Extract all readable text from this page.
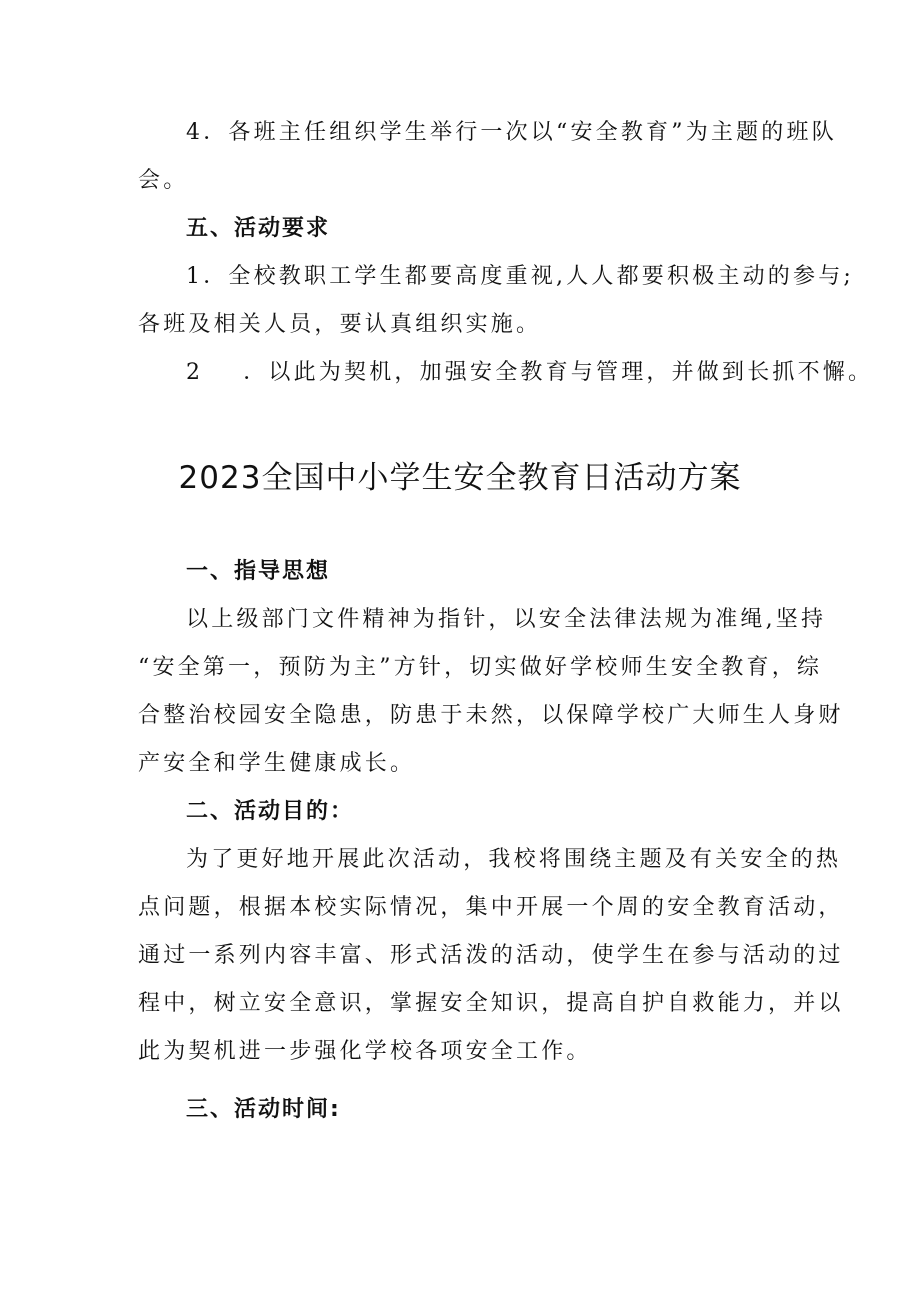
4．各班主任组织学生举行一次以“安全教育”为主题的班队
会。
五、活动要求
1．全校教职工学生都要高度重视,人人都要积极主动的参与;
各班及相关人员，要认真组织实施。
2 ．以此为契机，加强安全教育与管理，并做到长抓不懈。
2023全国中小学生安全教育日活动方案
一、指导思想
以上级部门文件精神为指针，以安全法律法规为准绳,坚持
“安全第一，预防为主”方针，切实做好学校师生安全教育，综
合整治校园安全隐患，防患于未然，以保障学校广大师生人身财
产安全和学生健康成长。
二、活动目的：
为了更好地开展此次活动，我校将围绕主题及有关安全的热
点问题，根据本校实际情况，集中开展一个周的安全教育活动，
通过一系列内容丰富、形式活泼的活动，使学生在参与活动的过
程中，树立安全意识，掌握安全知识，提高自护自救能力，并以
此为契机进一步强化学校各项安全工作。
三、活动时间:
